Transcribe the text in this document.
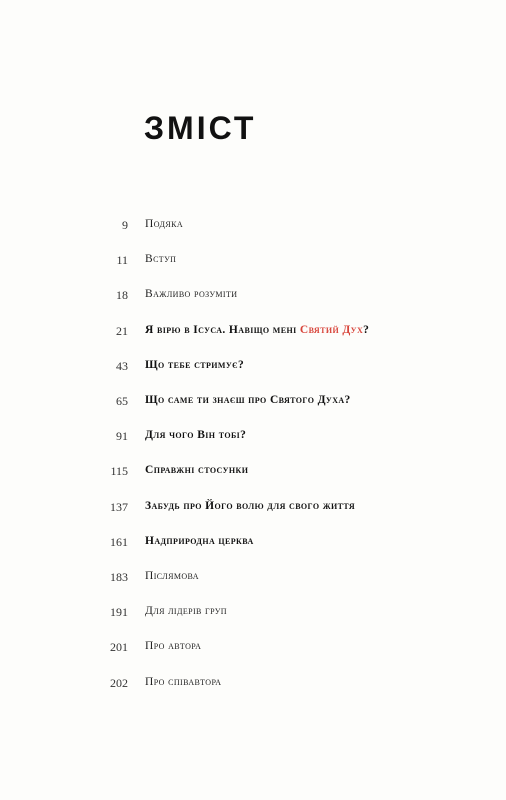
ЗМІСТ
9 Подяка
11 Вступ
18 Важливо розуміти
21 Я вірю в Ісуса. Навіщо мені Святий Дух?
43 Що тебе стримує?
65 Що саме ти знаєш про Святого Духа?
91 Для чого Він тобі?
115 Справжні стосунки
137 Забудь про Його волю для свого життя
161 Надприродна церква
183 Післямова
191 Для лідерів груп
201 Про автора
202 Про співавтора
